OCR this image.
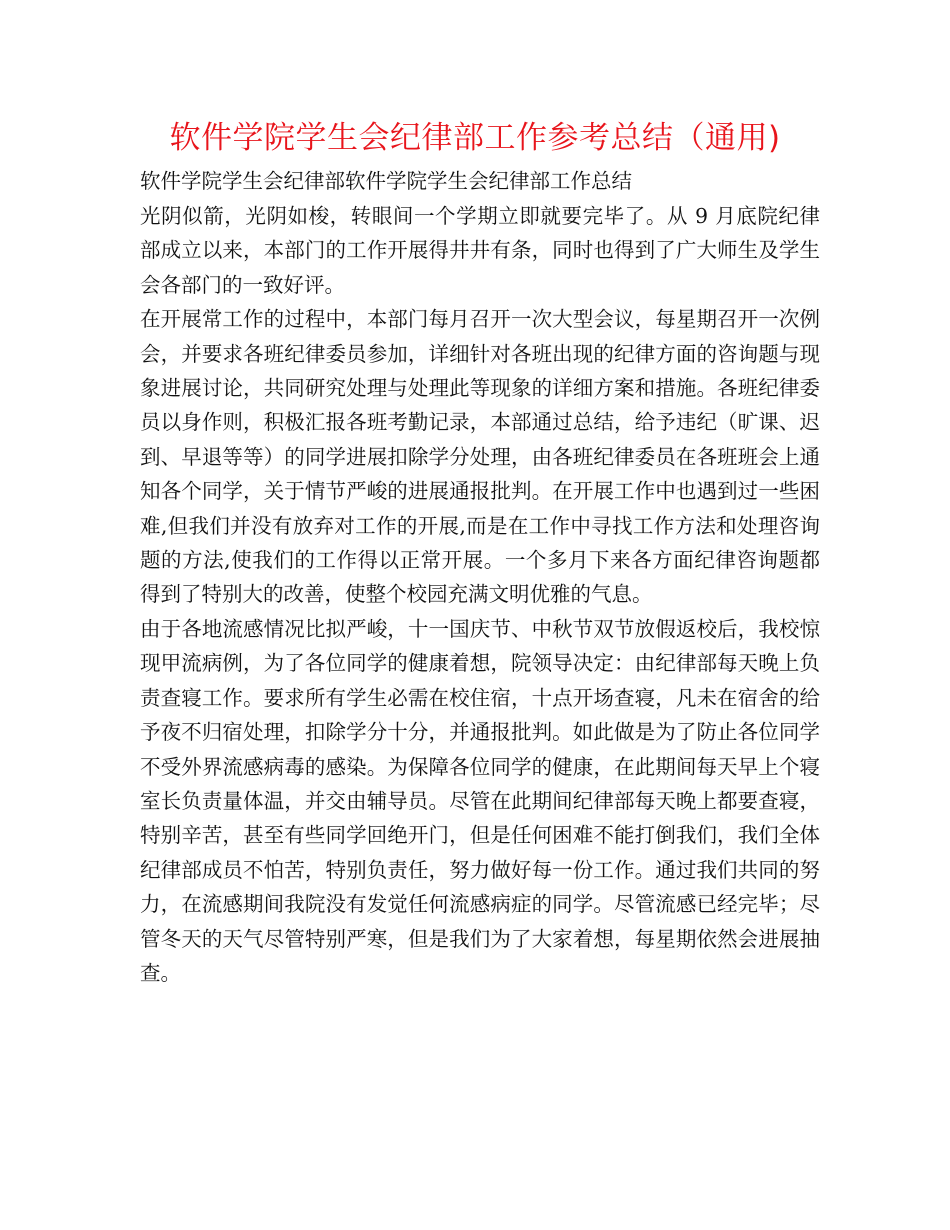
软件学院学生会纪律部工作参考总结（通用)

软件学院学生会纪律部软件学院学生会纪律部工作总结

光阴似箭，光阴如梭，转眼间一个学期立即就要完毕了。从 9 月底院纪律部成立以来，本部门的工作开展得井井有条，同时也得到了广大师生及学生会各部门的一致好评。

在开展常工作的过程中，本部门每月召开一次大型会议，每星期召开一次例会，并要求各班纪律委员参加，详细针对各班出现的纪律方面的咨询题与现象进展讨论，共同研究处理与处理此等现象的详细方案和措施。各班纪律委员以身作则，积极汇报各班考勤记录，本部通过总结，给予违纪（旷课、迟到、早退等等）的同学进展扣除学分处理，由各班纪律委员在各班班会上通知各个同学，关于情节严峻的进展通报批判。在开展工作中也遇到过一些困难,但我们并没有放弃对工作的开展,而是在工作中寻找工作方法和处理咨询题的方法,使我们的工作得以正常开展。一个多月下来各方面纪律咨询题都得到了特别大的改善，使整个校园充满文明优雅的气息。

由于各地流感情况比拟严峻，十一国庆节、中秋节双节放假返校后，我校惊现甲流病例，为了各位同学的健康着想，院领导决定：由纪律部每天晚上负责查寝工作。要求所有学生必需在校住宿，十点开场查寝，凡未在宿舍的给予夜不归宿处理，扣除学分十分，并通报批判。如此做是为了防止各位同学不受外界流感病毒的感染。为保障各位同学的健康，在此期间每天早上个寝室长负责量体温，并交由辅导员。尽管在此期间纪律部每天晚上都要查寝，特别辛苦，甚至有些同学回绝开门，但是任何困难不能打倒我们，我们全体纪律部成员不怕苦，特别负责任，努力做好每一份工作。通过我们共同的努力，在流感期间我院没有发觉任何流感病症的同学。尽管流感已经完毕；尽管冬天的天气尽管特别严寒，但是我们为了大家着想，每星期依然会进展抽查。
